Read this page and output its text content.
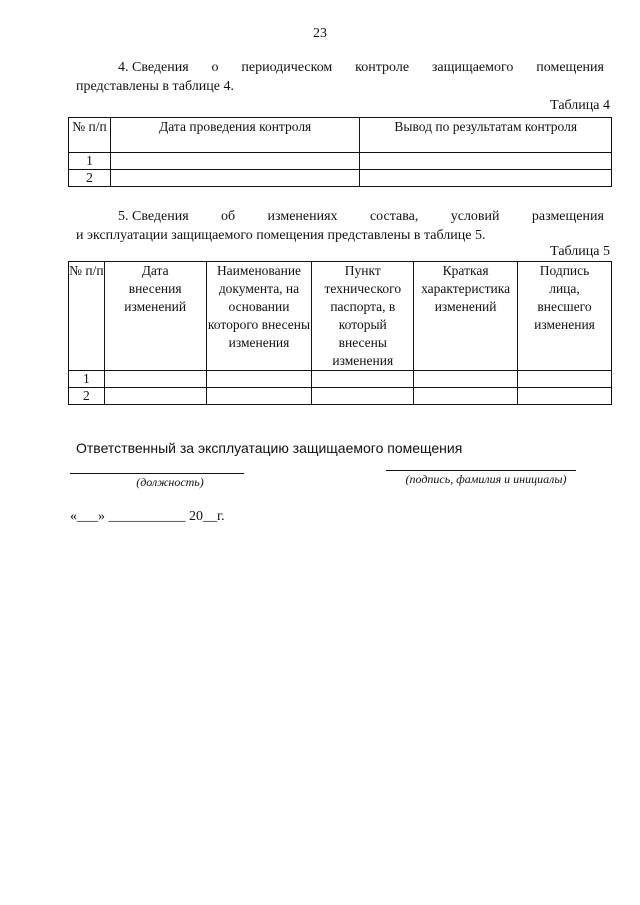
23
4. Сведения о периодическом контроле защищаемого помещения
представлены в таблице 4.
Таблица 4
№ п/п	Дата проведения контроля	Вывод по результатам контроля
1		
2		
5. Сведения об изменениях состава, условий размещения
и эксплуатации защищаемого помещения представлены в таблице 5.
Таблица 5
№ п/п	Дата внесения изменений	Наименование документа, на основании которого внесены изменения	Пункт технического паспорта, в который внесены изменения	Краткая характеристика изменений	Подпись лица, внесшего изменения
1					
2					
Ответственный за эксплуатацию защищаемого помещения
(должность)	(подпись, фамилия и инициалы)
«___» ___________ 20__г.
